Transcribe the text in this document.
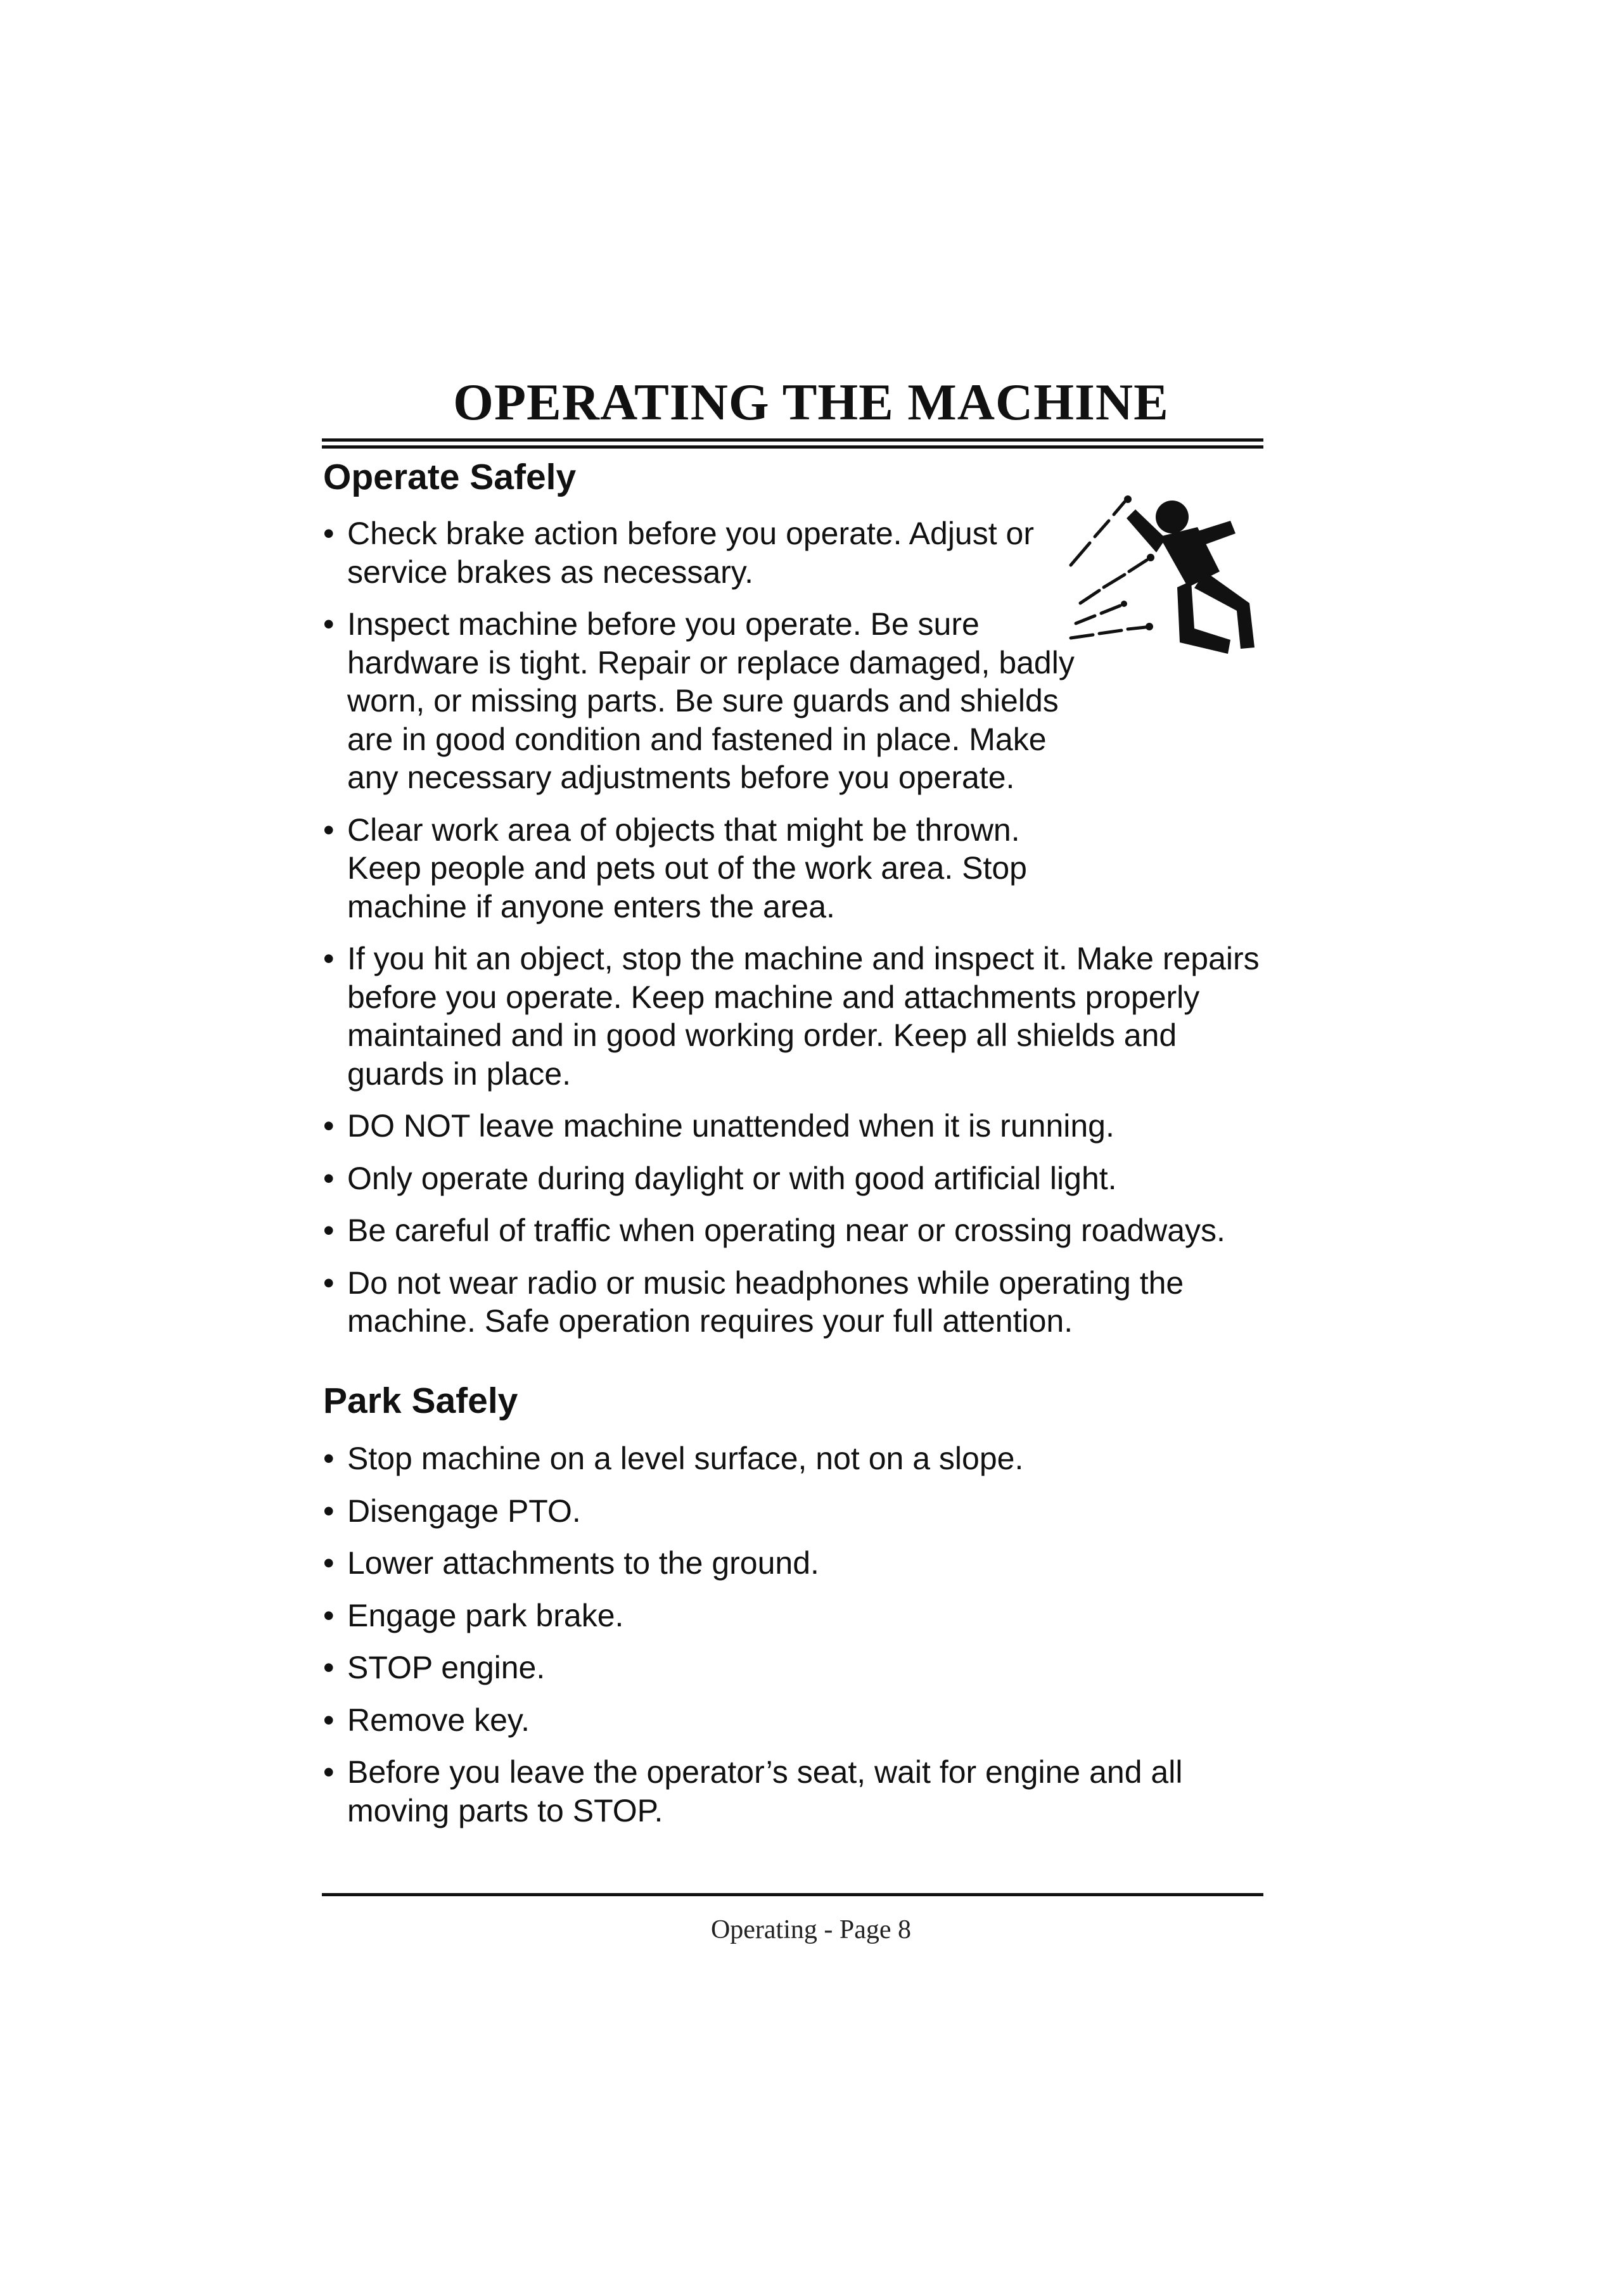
OPERATING THE MACHINE
Operate Safely
• Check brake action before you operate. Adjust or service brakes as necessary.
• Inspect machine before you operate. Be sure hardware is tight. Repair or replace damaged, badly worn, or missing parts. Be sure guards and shields are in good condition and fastened in place. Make any necessary adjustments before you operate.
• Clear work area of objects that might be thrown. Keep people and pets out of the work area. Stop machine if anyone enters the area.
• If you hit an object, stop the machine and inspect it. Make repairs before you operate. Keep machine and attachments properly maintained and in good working order. Keep all shields and guards in place.
• DO NOT leave machine unattended when it is running.
• Only operate during daylight or with good artificial light.
• Be careful of traffic when operating near or crossing roadways.
• Do not wear radio or music headphones while operating the machine. Safe operation requires your full attention.
Park Safely
• Stop machine on a level surface, not on a slope.
• Disengage PTO.
• Lower attachments to the ground.
• Engage park brake.
• STOP engine.
• Remove key.
• Before you leave the operator’s seat, wait for engine and all moving parts to STOP.
Operating - Page 8
